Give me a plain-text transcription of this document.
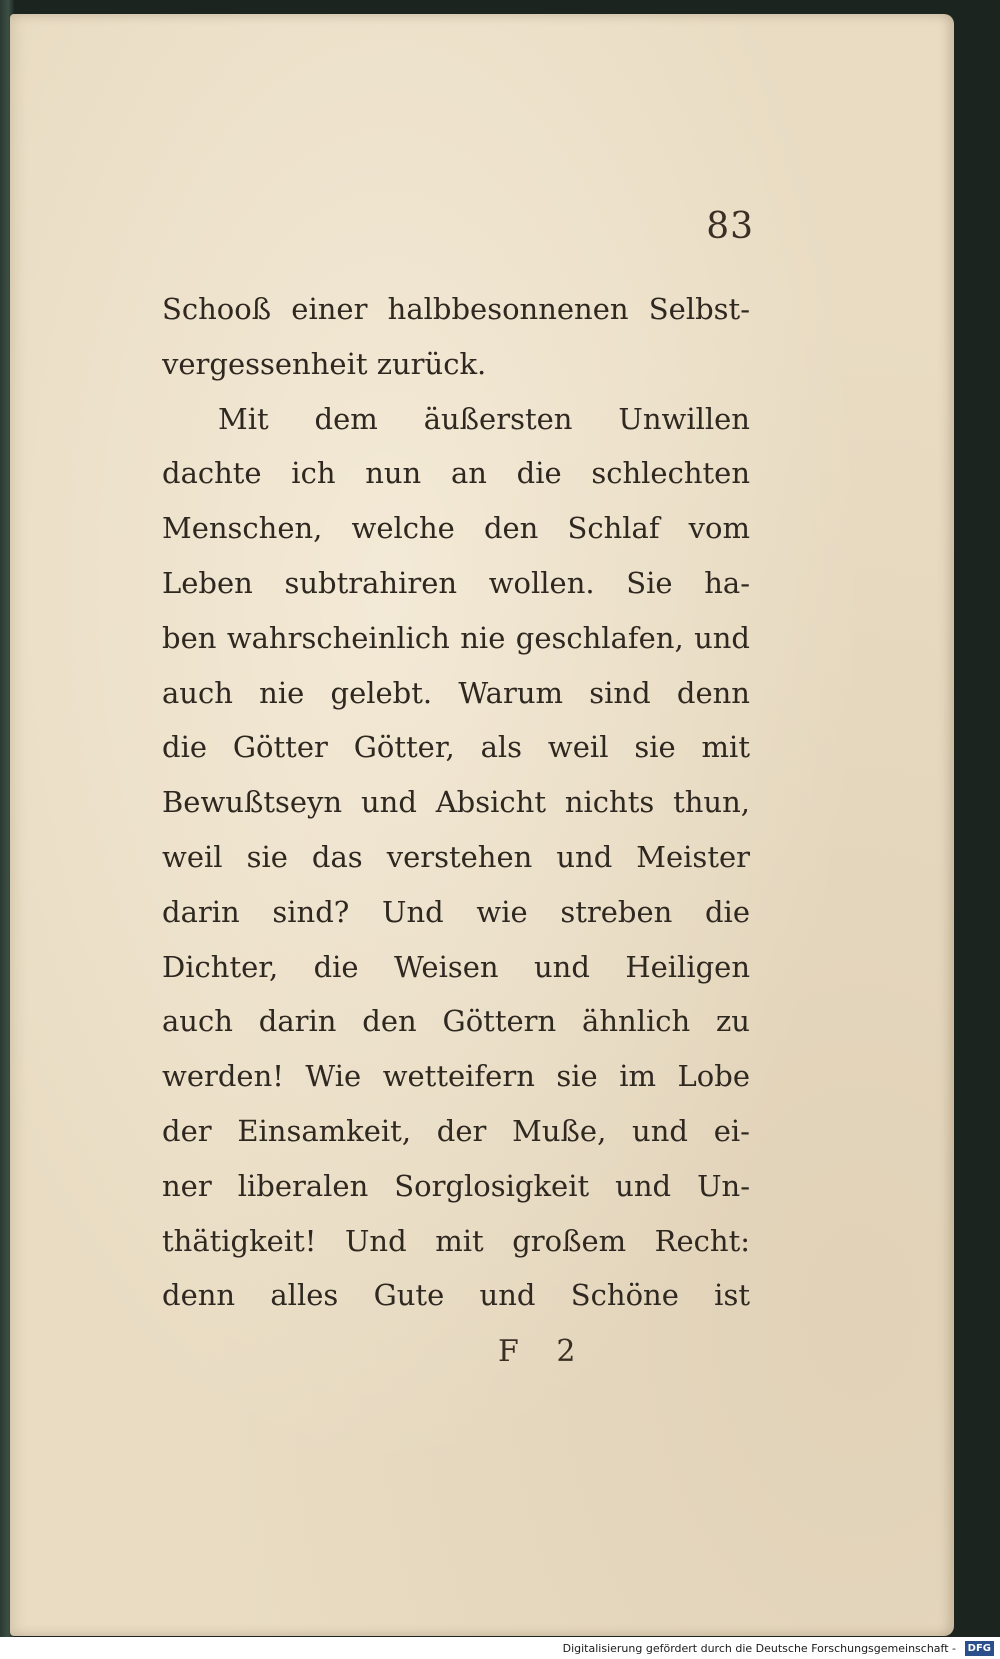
83
Schooß einer halbbesonnenen Selbst-
vergessenheit zurück.
Mit dem äußersten Unwillen
dachte ich nun an die schlechten
Menschen, welche den Schlaf vom
Leben subtrahiren wollen. Sie ha-
ben wahrscheinlich nie geschlafen, und
auch nie gelebt. Warum sind denn
die Götter Götter, als weil sie mit
Bewußtseyn und Absicht nichts thun,
weil sie das verstehen und Meister
darin sind? Und wie streben die
Dichter, die Weisen und Heiligen
auch darin den Göttern ähnlich zu
werden! Wie wetteifern sie im Lobe
der Einsamkeit, der Muße, und ei-
ner liberalen Sorglosigkeit und Un-
thätigkeit! Und mit großem Recht:
denn alles Gute und Schöne ist
F 2
Digitalisierung gefördert durch die Deutsche Forschungsgemeinschaft -	DFG
